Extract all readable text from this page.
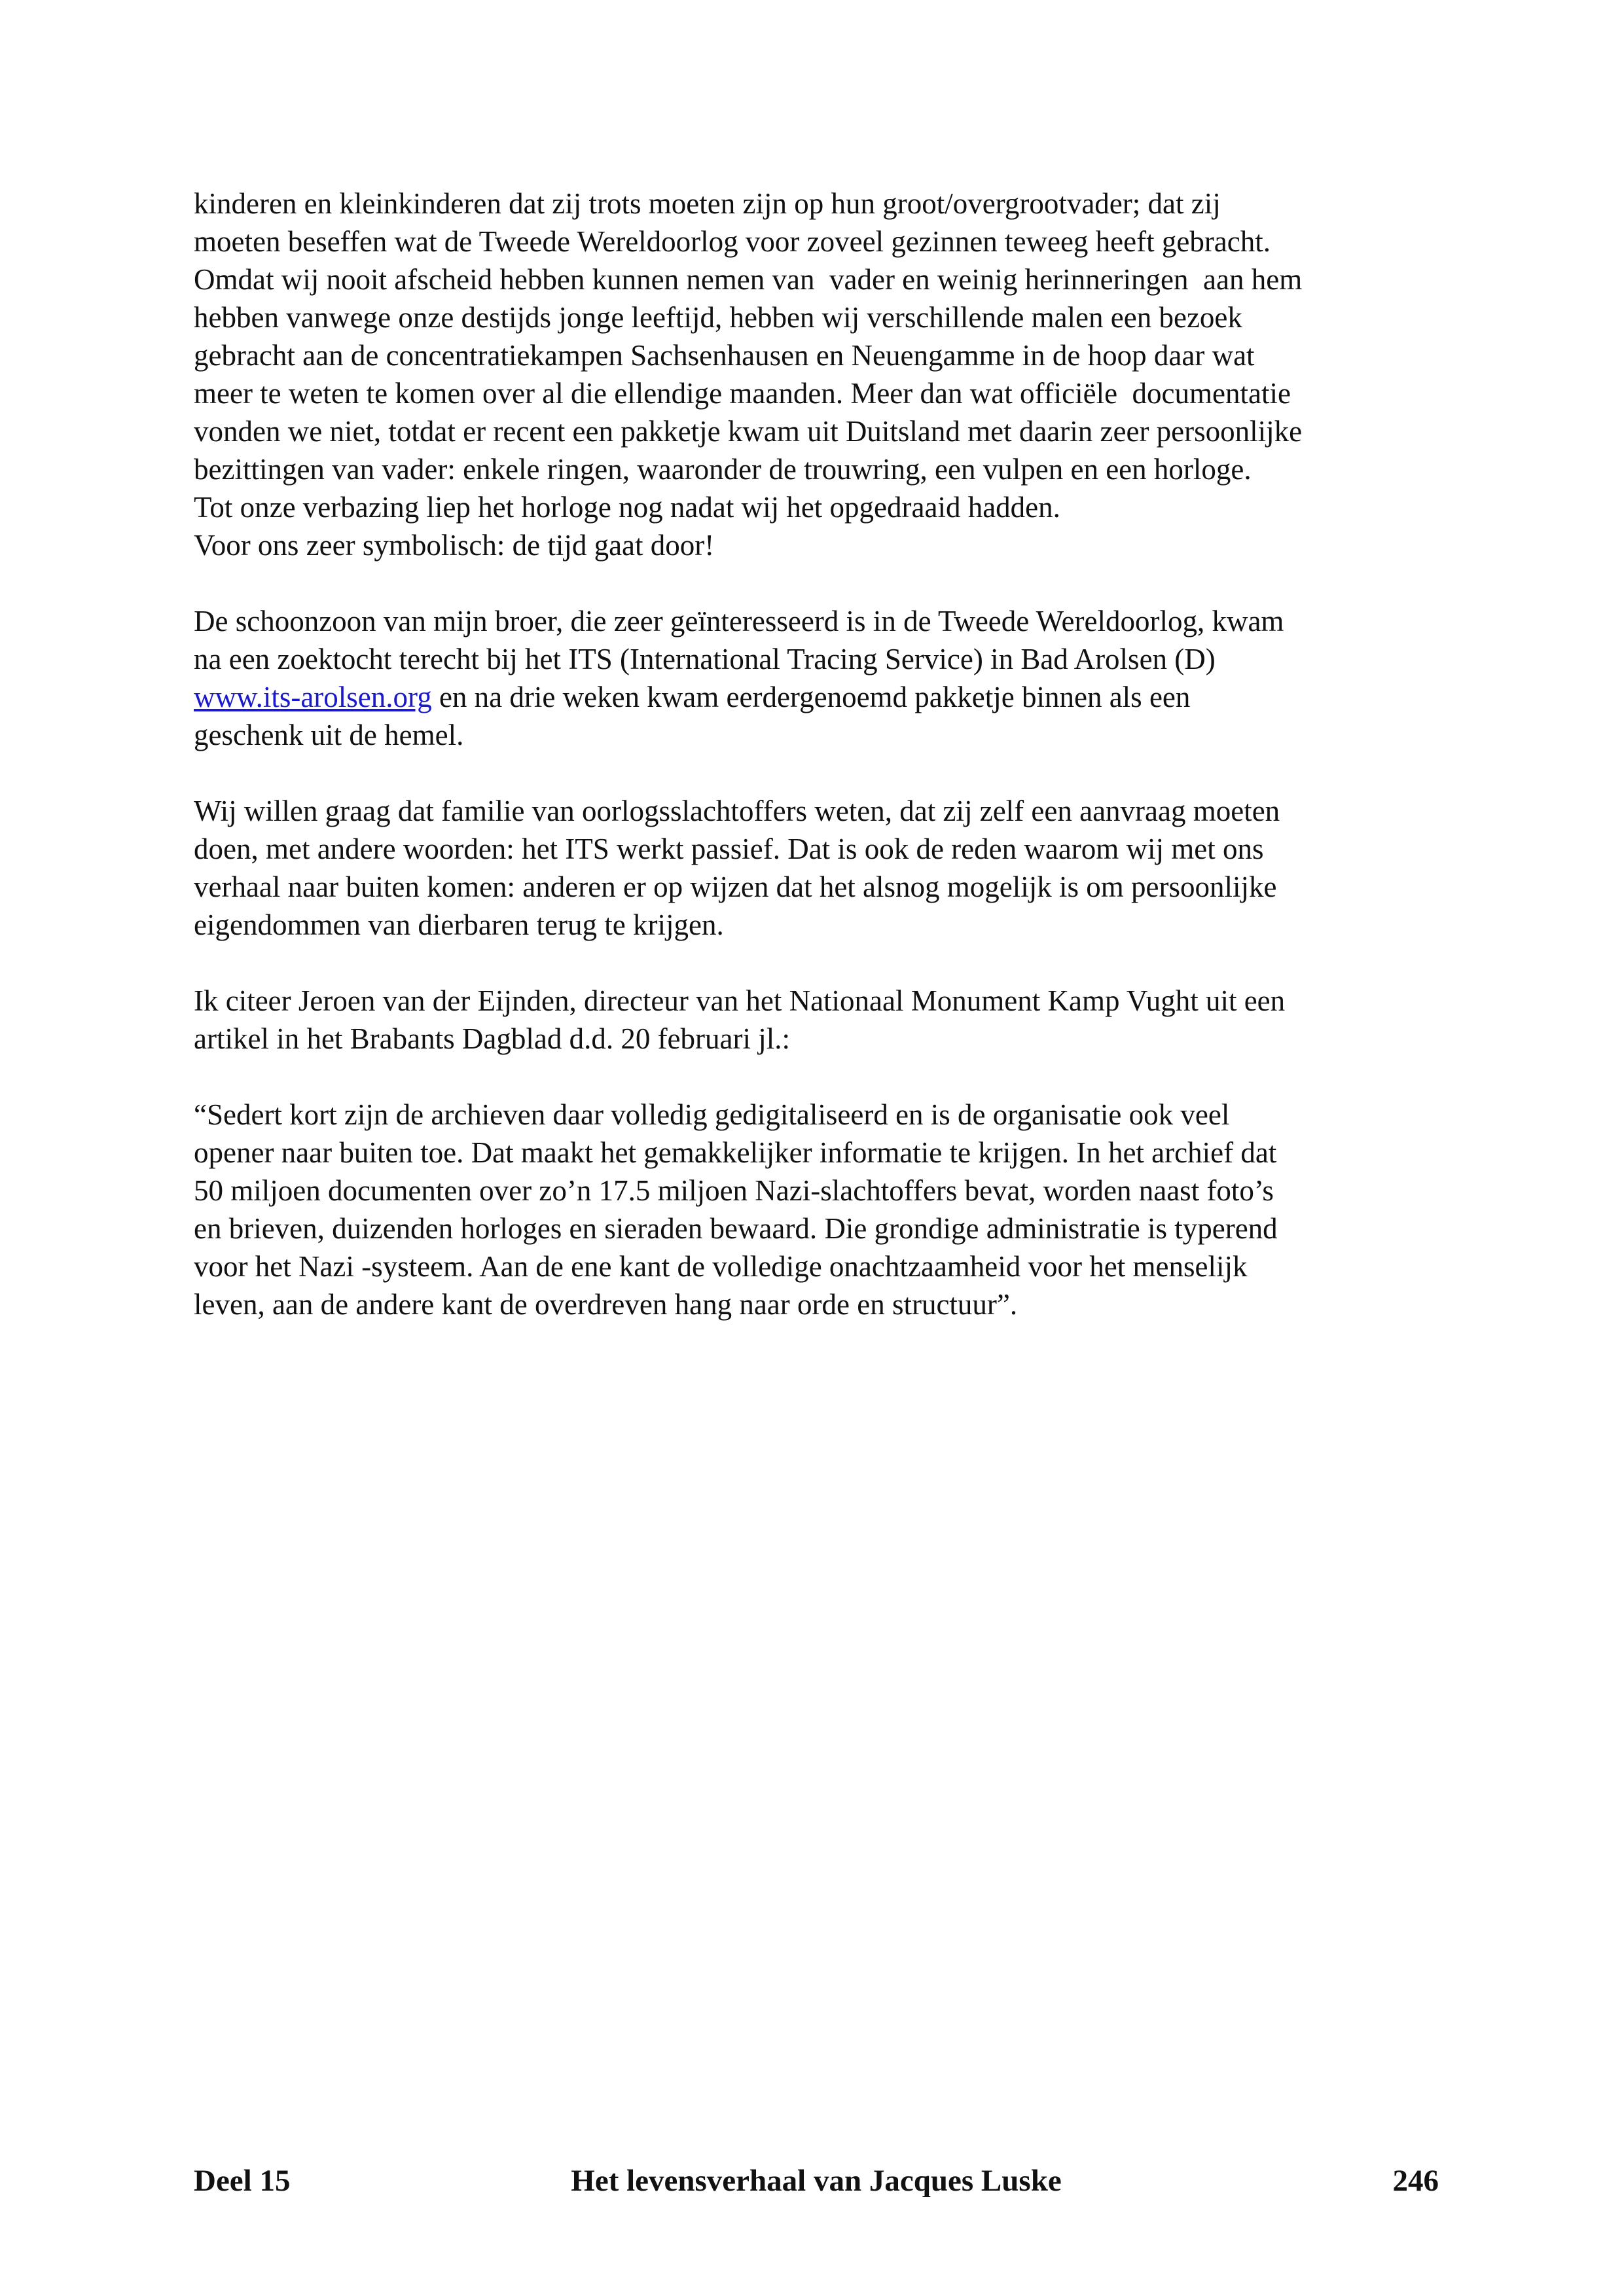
kinderen en kleinkinderen dat zij trots moeten zijn op hun groot/overgrootvader; dat zij
moeten beseffen wat de Tweede Wereldoorlog voor zoveel gezinnen teweeg heeft gebracht.
Omdat wij nooit afscheid hebben kunnen nemen van  vader en weinig herinneringen  aan hem
hebben vanwege onze destijds jonge leeftijd, hebben wij verschillende malen een bezoek
gebracht aan de concentratiekampen Sachsenhausen en Neuengamme in de hoop daar wat
meer te weten te komen over al die ellendige maanden. Meer dan wat officiële  documentatie
vonden we niet, totdat er recent een pakketje kwam uit Duitsland met daarin zeer persoonlijke
bezittingen van vader: enkele ringen, waaronder de trouwring, een vulpen en een horloge.
Tot onze verbazing liep het horloge nog nadat wij het opgedraaid hadden.
Voor ons zeer symbolisch: de tijd gaat door!
De schoonzoon van mijn broer, die zeer geïnteresseerd is in de Tweede Wereldoorlog, kwam
na een zoektocht terecht bij het ITS (International Tracing Service) in Bad Arolsen (D)
www.its-arolsen.org en na drie weken kwam eerdergenoemd pakketje binnen als een
geschenk uit de hemel.
Wij willen graag dat familie van oorlogsslachtoffers weten, dat zij zelf een aanvraag moeten
doen, met andere woorden: het ITS werkt passief. Dat is ook de reden waarom wij met ons
verhaal naar buiten komen: anderen er op wijzen dat het alsnog mogelijk is om persoonlijke
eigendommen van dierbaren terug te krijgen.
Ik citeer Jeroen van der Eijnden, directeur van het Nationaal Monument Kamp Vught uit een
artikel in het Brabants Dagblad d.d. 20 februari jl.:
“Sedert kort zijn de archieven daar volledig gedigitaliseerd en is de organisatie ook veel
opener naar buiten toe. Dat maakt het gemakkelijker informatie te krijgen. In het archief dat
50 miljoen documenten over zo’n 17.5 miljoen Nazi-slachtoffers bevat, worden naast foto’s
en brieven, duizenden horloges en sieraden bewaard. Die grondige administratie is typerend
voor het Nazi -systeem. Aan de ene kant de volledige onachtzaamheid voor het menselijk
leven, aan de andere kant de overdreven hang naar orde en structuur”.
Deel 15	Het levensverhaal van Jacques Luske	246
